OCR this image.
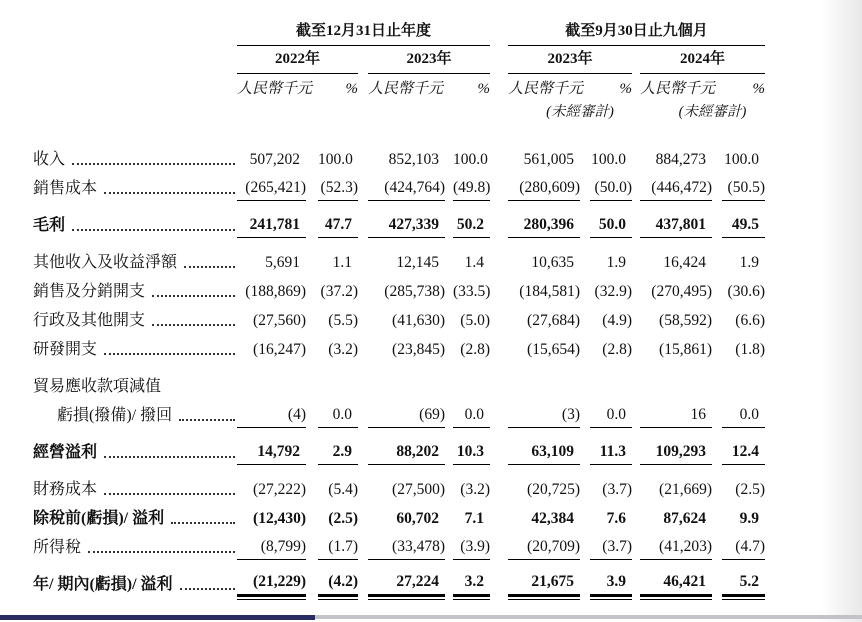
截至12月31日止年度	截至9月30日止九個月
2022年	2023年	2023年	2024年
人民幣千元 % 人民幣千元 % 人民幣千元 % 人民幣千元 %
(未經審計)	(未經審計)
收入	507,202	100.0	852,103 100.0	561,005	100.0	884,273	100.0
銷售成本	(265,421) (52.3)	(424,764) (49.8)	(280,609) (50.0)	(446,472)	(50.5)
毛利	241,781	47.7	427,339	50.2	280,396	50.0	437,801	49.5
其他收入及收益淨額	5,691	1.1	12,145	1.4	10,635	1.9	16,424	1.9
銷售及分銷開支	(188,869) (37.2)	(285,738) (33.5)	(184,581) (32.9)	(270,495)	(30.6)
行政及其他開支	(27,560)	(5.5)	(41,630) (5.0)	(27,684)	(4.9)	(58,592)	(6.6)
研發開支	(16,247)	(3.2)	(23,845) (2.8)	(15,654)	(2.8)	(15,861)	(1.8)
貿易應收款項減值
虧損(撥備)/ 撥回	(4)	0.0	(69)	0.0	(3)	0.0	16	0.0
經營溢利	14,792	2.9	88,202	10.3	63,109	11.3	109,293	12.4
財務成本	(27,222)	(5.4)	(27,500) (3.2)	(20,725)	(3.7)	(21,669)	(2.5)
除稅前(虧損)/ 溢利	(12,430)	(2.5)	60,702	7.1	42,384	7.6	87,624	9.9
所得稅	(8,799)	(1.7)	(33,478) (3.9)	(20,709)	(3.7)	(41,203)	(4.7)
年/ 期內(虧損)/ 溢利	(21,229)	(4.2)	27,224	3.2	21,675	3.9	46,421	5.2
